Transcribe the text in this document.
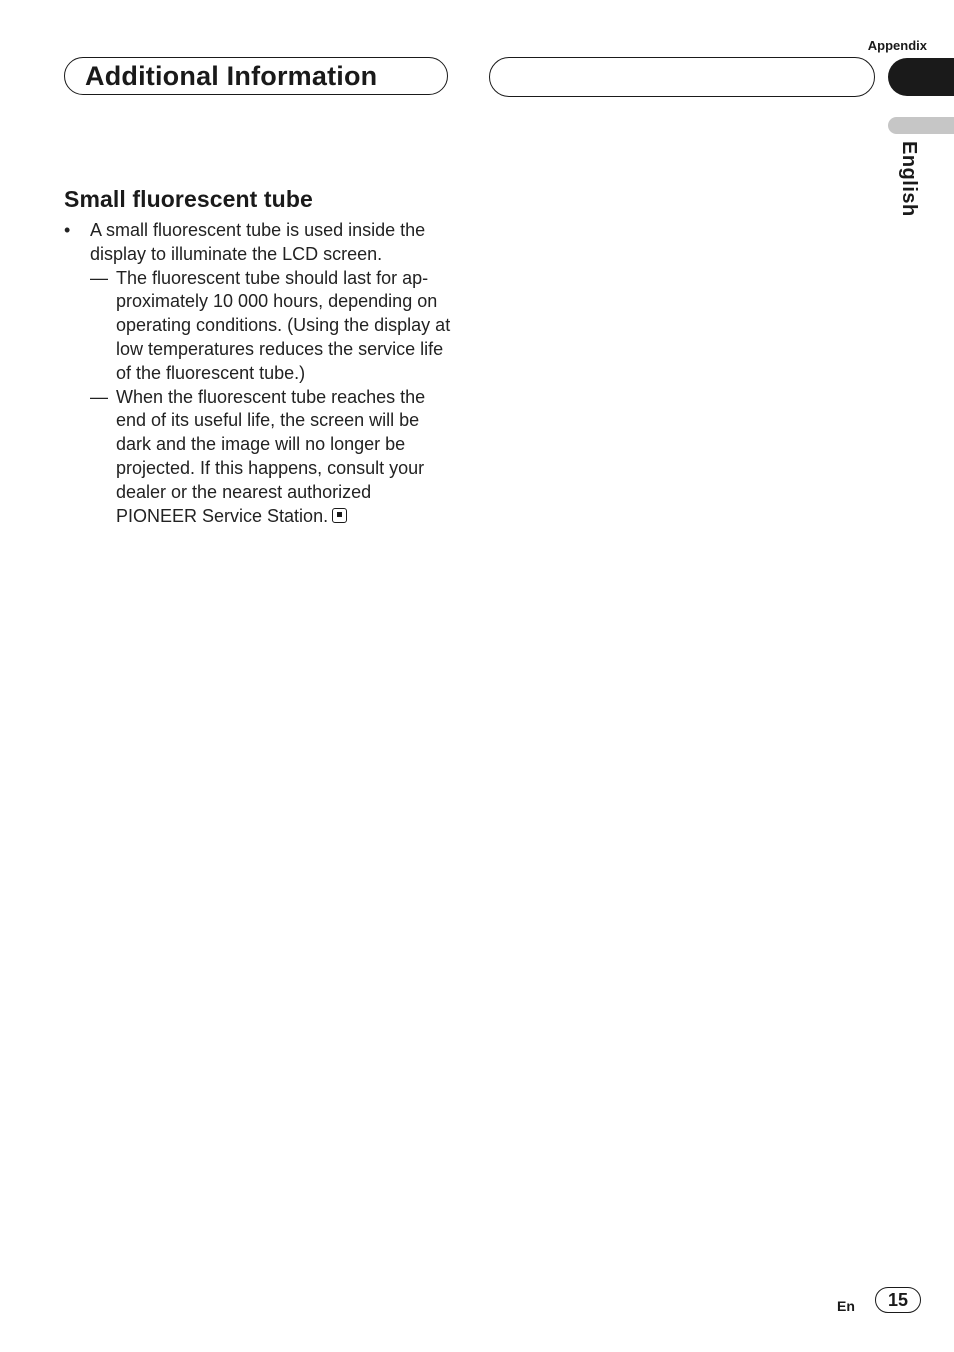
Appendix
Additional Information
English
Small fluorescent tube
•	A small fluorescent tube is used inside the display to illuminate the LCD screen.
— The fluorescent tube should last for ap-proximately 10 000 hours, depending on operating conditions. (Using the display at low temperatures reduces the service life of the fluorescent tube.)
— When the fluorescent tube reaches the end of its useful life, the screen will be dark and the image will no longer be projected. If this happens, consult your dealer or the nearest authorized PIONEER Service Station.
En	15
